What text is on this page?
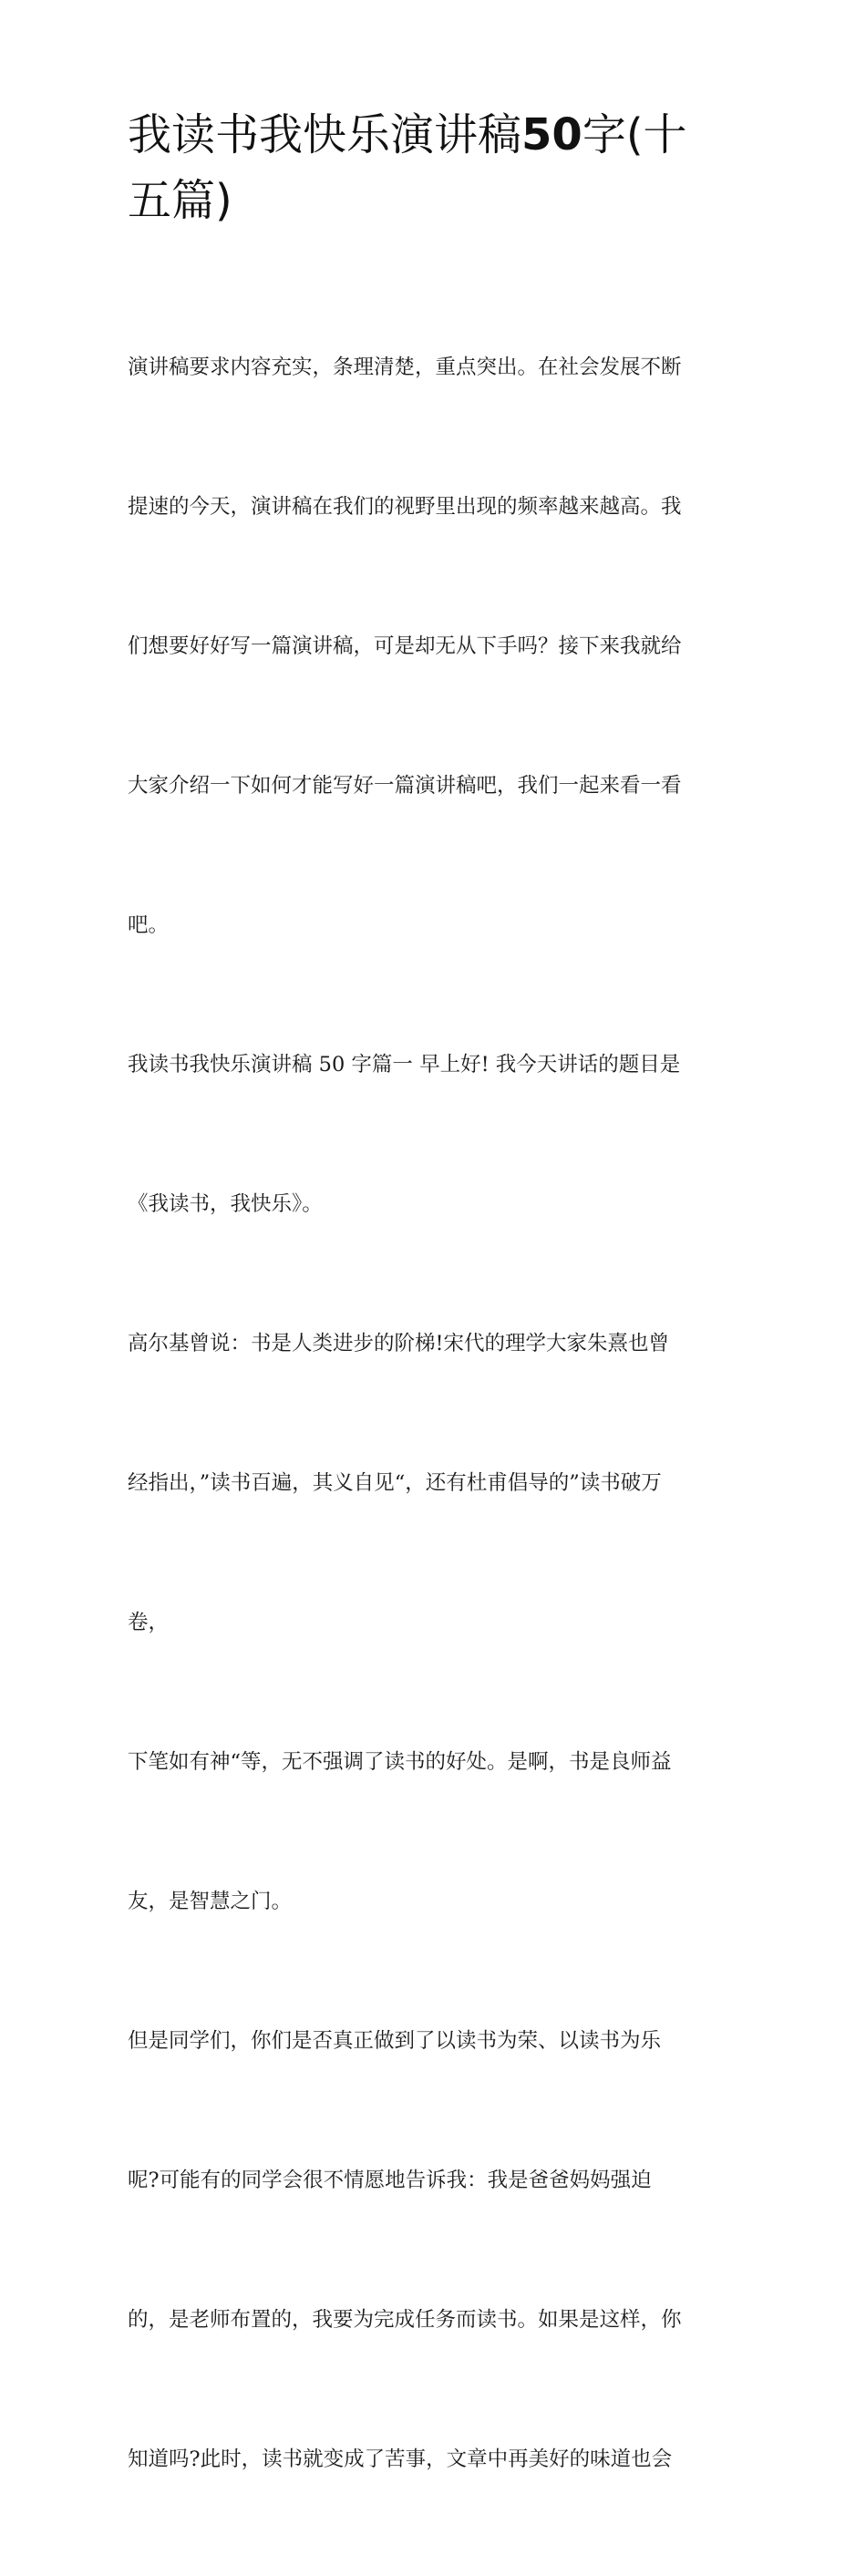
我读书我快乐演讲稿50字(十
五篇)

演讲稿要求内容充实，条理清楚，重点突出。在社会发展不断

提速的今天，演讲稿在我们的视野里出现的频率越来越高。我

们想要好好写一篇演讲稿，可是却无从下手吗？接下来我就给

大家介绍一下如何才能写好一篇演讲稿吧，我们一起来看一看

吧。

我读书我快乐演讲稿 50 字篇一 早上好! 我今天讲话的题目是

《我读书，我快乐》。

高尔基曾说：书是人类进步的阶梯!宋代的理学大家朱熹也曾

经指出，”读书百遍，其义自见“，还有杜甫倡导的”读书破万

卷，

下笔如有神“等，无不强调了读书的好处。是啊，书是良师益

友，是智慧之门。

但是同学们，你们是否真正做到了以读书为荣、以读书为乐

呢?可能有的同学会很不情愿地告诉我：我是爸爸妈妈强迫

的，是老师布置的，我要为完成任务而读书。如果是这样，你

知道吗?此时，读书就变成了苦事，文章中再美好的味道也会
